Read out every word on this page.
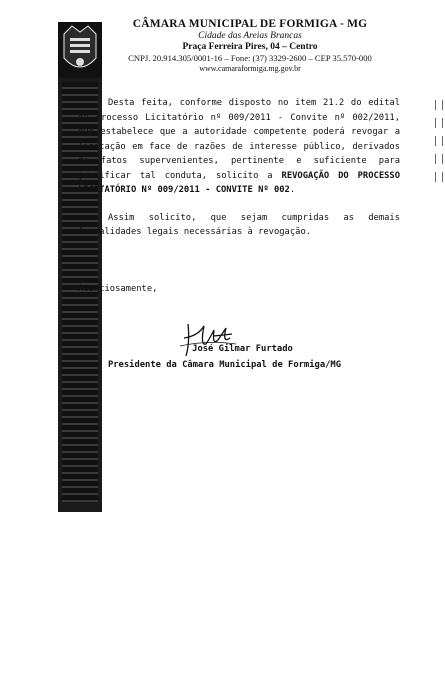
CÂMARA MUNICIPAL DE FORMIGA - MG
Cidade das Areias Brancas
Praça Ferreira Pires, 04 – Centro
CNPJ. 20.914.305/0001-16 – Fone: (37) 3329-2600 – CEP 35.570-000
www.camaraformiga.mg.gov.br
Desta feita, conforme disposto no item 21.2 do edital do Processo Licitatório nº 009/2011 - Convite nº 002/2011, que estabelece que a autoridade competente poderá revogar a licitação em face de razões de interesse público, derivados de fatos supervenientes, pertinente e suficiente para justificar tal conduta, solicito a REVOGAÇÃO DO PROCESSO LICITATÓRIO Nº 009/2011 - CONVITE Nº 002.
Assim solicito, que sejam cumpridas as demais formalidades legais necessárias à revogação.
Atenciosamente,
José Gilmar Furtado
Presidente da Câmara Municipal de Formiga/MG
